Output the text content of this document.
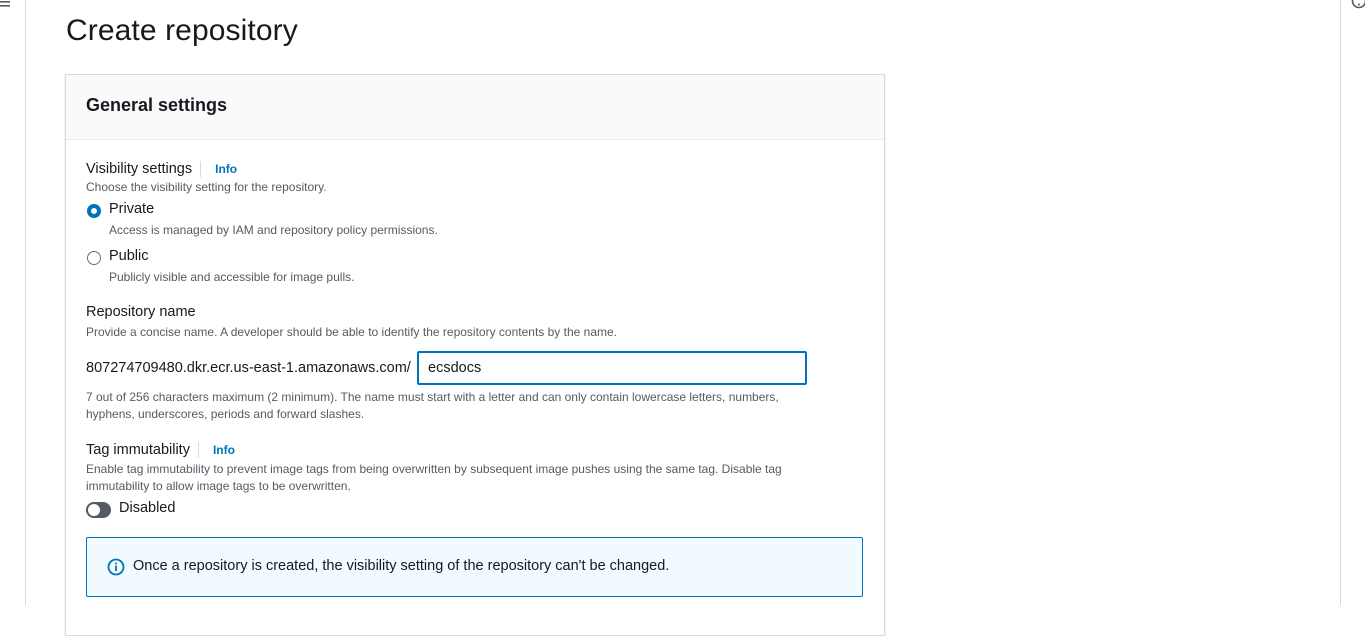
Create repository
General settings
Visibility settings Info
Choose the visibility setting for the repository.
Private
Access is managed by IAM and repository policy permissions.
Public
Publicly visible and accessible for image pulls.
Repository name
Provide a concise name. A developer should be able to identify the repository contents by the name.
807274709480.dkr.ecr.us-east-1.amazonaws.com/
ecsdocs
7 out of 256 characters maximum (2 minimum). The name must start with a letter and can only contain lowercase letters, numbers,
hyphens, underscores, periods and forward slashes.
Tag immutability Info
Enable tag immutability to prevent image tags from being overwritten by subsequent image pushes using the same tag. Disable tag
immutability to allow image tags to be overwritten.
Disabled
Once a repository is created, the visibility setting of the repository can't be changed.
